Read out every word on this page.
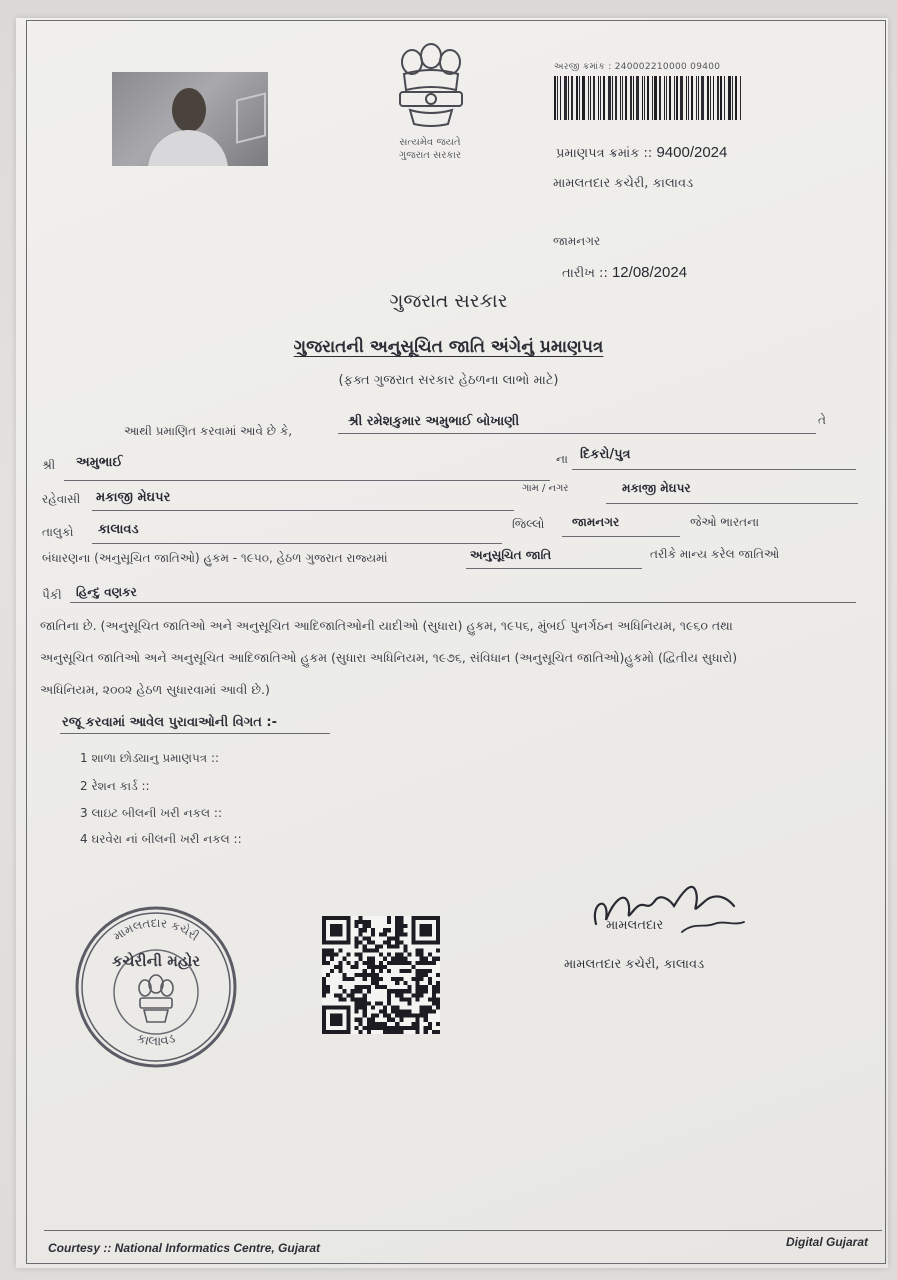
સત્યમેવ જયતે
ગુજરાત સરકાર
અરજી ક્રમાંક : 240002210000 09400
પ્રમાણપત્ર ક્રમાંક :: 9400/2024
મામલતદાર કચેરી, કાલાવડ
જામનગર
તારીખ :: 12/08/2024
ગુજરાત સરકાર
ગુજરાતની અનુસૂચિત જાતિ અંગેનું પ્રમાણપત્ર
(ફક્ત ગુજરાત સરકાર હેઠળના લાભો માટે)
આથી પ્રમાણિત કરવામાં આવે છે કે,
શ્રી રમેશકુમાર અમુભાઈ બોખાણી	તે
શ્રી અમુભાઈ	ના દિકરો/પુત્ર
રહેવાસી મકાજી મેઘપર
ગામ / નગર	મકાજી મેઘપર
તાલુકો કાલાવડ	જિલ્લો જામનગર	જેઓ ભારતના
બંધારણના (અનુસૂચિત જાતિઓ) હુકમ - ૧૯૫૦, હેઠળ ગુજરાત રાજ્યમાં	અનુસૂચિત જાતિ	તરીકે માન્ય કરેલ જાતિઓ
પૈકી હિન્દુ વણકર
જાતિના છે. (અનુસૂચિત જાતિઓ અને અનુસૂચિત આદિજાતિઓની યાદીઓ (સુધારા) હુકમ, ૧૯૫૬, મુંબઈ પુનર્ગઠન અધિનિયમ, ૧૯૬૦ તથા
અનુસૂચિત જાતિઓ અને અનુસૂચિત આદિજાતિઓ હુકમ (સુધારા અધિનિયમ, ૧૯૭૬, સંવિધાન (અનુસૂચિત જાતિઓ)હુકમો (દ્વિતીય સુધારો)
અધિનિયમ, ૨૦૦૨ હેઠળ સુધારવામાં આવી છે.)
રજૂ કરવામાં આવેલ પુરાવાઓની વિગત :-
1 શાળા છોડ્યાનુ પ્રમાણપત્ર ::
2 રેશન કાર્ડ ::
3 લાઇટ બીલની ખરી નકલ ::
4 ઘરવેરા નાં બીલની ખરી નકલ ::
મામલતદાર કચેરી
કચેરીની મહોર
કાલાવડ
મામલતદાર
મામલતદાર કચેરી, કાલાવડ
Courtesy :: National Informatics Centre, Gujarat	Digital Gujarat
